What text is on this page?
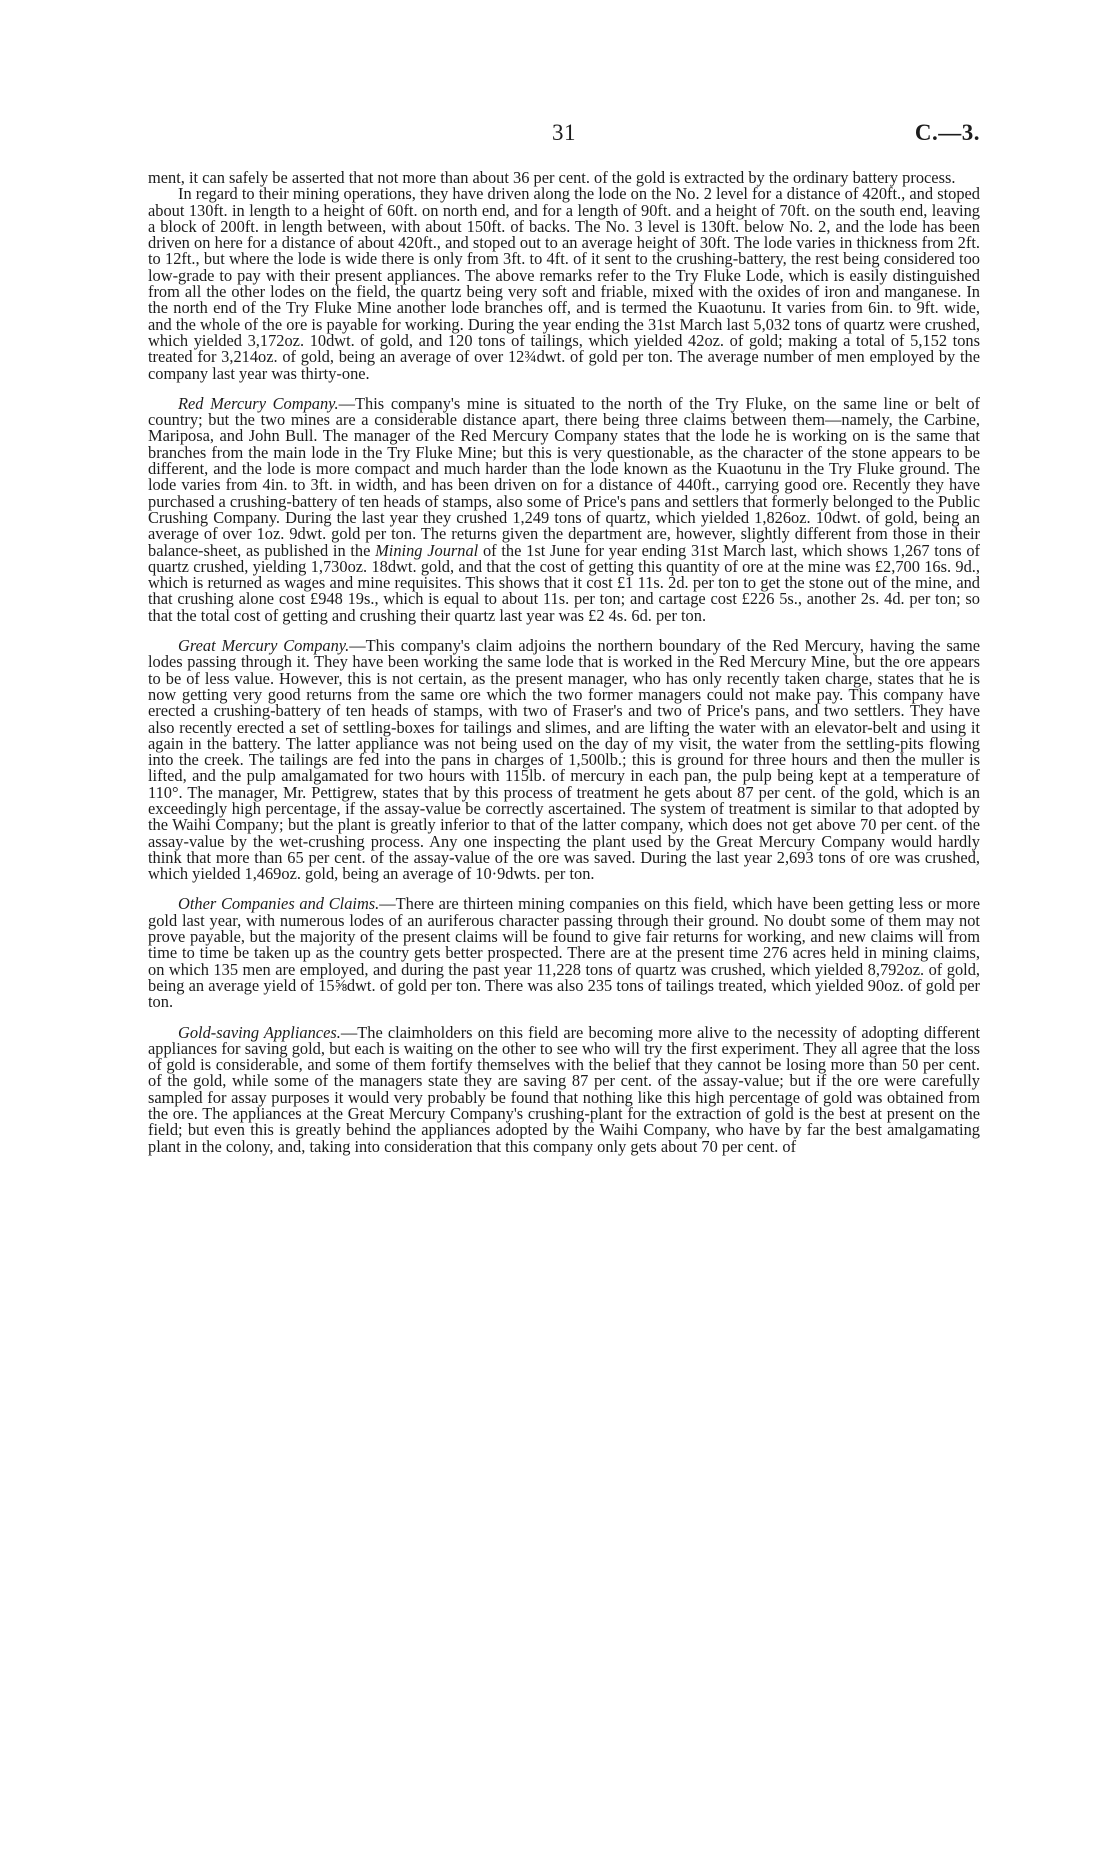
31	C.—3.

ment, it can safely be asserted that not more than about 36 per cent. of the gold is extracted by the ordinary battery process.

In regard to their mining operations, they have driven along the lode on the No. 2 level for a distance of 420ft., and stoped about 130ft. in length to a height of 60ft. on north end, and for a length of 90ft. and a height of 70ft. on the south end, leaving a block of 200ft. in length between, with about 150ft. of backs. The No. 3 level is 130ft. below No. 2, and the lode has been driven on here for a distance of about 420ft., and stoped out to an average height of 30ft. The lode varies in thickness from 2ft. to 12ft., but where the lode is wide there is only from 3ft. to 4ft. of it sent to the crushing-battery, the rest being considered too low-grade to pay with their present appliances. The above remarks refer to the Try Fluke Lode, which is easily distinguished from all the other lodes on the field, the quartz being very soft and friable, mixed with the oxides of iron and manganese. In the north end of the Try Fluke Mine another lode branches off, and is termed the Kuaotunu. It varies from 6in. to 9ft. wide, and the whole of the ore is payable for working. During the year ending the 31st March last 5,032 tons of quartz were crushed, which yielded 3,172oz. 10dwt. of gold, and 120 tons of tailings, which yielded 42oz. of gold; making a total of 5,152 tons treated for 3,214oz. of gold, being an average of over 12¾dwt. of gold per ton. The average number of men employed by the company last year was thirty-one.

Red Mercury Company.—This company's mine is situated to the north of the Try Fluke, on the same line or belt of country; but the two mines are a considerable distance apart, there being three claims between them—namely, the Carbine, Mariposa, and John Bull. The manager of the Red Mercury Company states that the lode he is working on is the same that branches from the main lode in the Try Fluke Mine; but this is very questionable, as the character of the stone appears to be different, and the lode is more compact and much harder than the lode known as the Kuaotunu in the Try Fluke ground. The lode varies from 4in. to 3ft. in width, and has been driven on for a distance of 440ft., carrying good ore. Recently they have purchased a crushing-battery of ten heads of stamps, also some of Price's pans and settlers that formerly belonged to the Public Crushing Company. During the last year they crushed 1,249 tons of quartz, which yielded 1,826oz. 10dwt. of gold, being an average of over 1oz. 9dwt. gold per ton. The returns given the department are, however, slightly different from those in their balance-sheet, as published in the Mining Journal of the 1st June for year ending 31st March last, which shows 1,267 tons of quartz crushed, yielding 1,730oz. 18dwt. gold, and that the cost of getting this quantity of ore at the mine was £2,700 16s. 9d., which is returned as wages and mine requisites. This shows that it cost £1 11s. 2d. per ton to get the stone out of the mine, and that crushing alone cost £948 19s., which is equal to about 11s. per ton; and cartage cost £226 5s., another 2s. 4d. per ton; so that the total cost of getting and crushing their quartz last year was £2 4s. 6d. per ton.

Great Mercury Company.—This company's claim adjoins the northern boundary of the Red Mercury, having the same lodes passing through it. They have been working the same lode that is worked in the Red Mercury Mine, but the ore appears to be of less value. However, this is not certain, as the present manager, who has only recently taken charge, states that he is now getting very good returns from the same ore which the two former managers could not make pay. This company have erected a crushing-battery of ten heads of stamps, with two of Fraser's and two of Price's pans, and two settlers. They have also recently erected a set of settling-boxes for tailings and slimes, and are lifting the water with an elevator-belt and using it again in the battery. The latter appliance was not being used on the day of my visit, the water from the settling-pits flowing into the creek. The tailings are fed into the pans in charges of 1,500lb.; this is ground for three hours and then the muller is lifted, and the pulp amalgamated for two hours with 115lb. of mercury in each pan, the pulp being kept at a temperature of 110°. The manager, Mr. Pettigrew, states that by this process of treatment he gets about 87 per cent. of the gold, which is an exceedingly high percentage, if the assay-value be correctly ascertained. The system of treatment is similar to that adopted by the Waihi Company; but the plant is greatly inferior to that of the latter company, which does not get above 70 per cent. of the assay-value by the wet-crushing process. Any one inspecting the plant used by the Great Mercury Company would hardly think that more than 65 per cent. of the assay-value of the ore was saved. During the last year 2,693 tons of ore was crushed, which yielded 1,469oz. gold, being an average of 10·9dwts. per ton.

Other Companies and Claims.—There are thirteen mining companies on this field, which have been getting less or more gold last year, with numerous lodes of an auriferous character passing through their ground. No doubt some of them may not prove payable, but the majority of the present claims will be found to give fair returns for working, and new claims will from time to time be taken up as the country gets better prospected. There are at the present time 276 acres held in mining claims, on which 135 men are employed, and during the past year 11,228 tons of quartz was crushed, which yielded 8,792oz. of gold, being an average yield of 15⅝dwt. of gold per ton. There was also 235 tons of tailings treated, which yielded 90oz. of gold per ton.

Gold-saving Appliances.—The claimholders on this field are becoming more alive to the necessity of adopting different appliances for saving gold, but each is waiting on the other to see who will try the first experiment. They all agree that the loss of gold is considerable, and some of them fortify themselves with the belief that they cannot be losing more than 50 per cent. of the gold, while some of the managers state they are saving 87 per cent. of the assay-value; but if the ore were carefully sampled for assay purposes it would very probably be found that nothing like this high percentage of gold was obtained from the ore. The appliances at the Great Mercury Company's crushing-plant for the extraction of gold is the best at present on the field; but even this is greatly behind the appliances adopted by the Waihi Company, who have by far the best amalgamating plant in the colony, and, taking into consideration that this company only gets about 70 per cent. of
